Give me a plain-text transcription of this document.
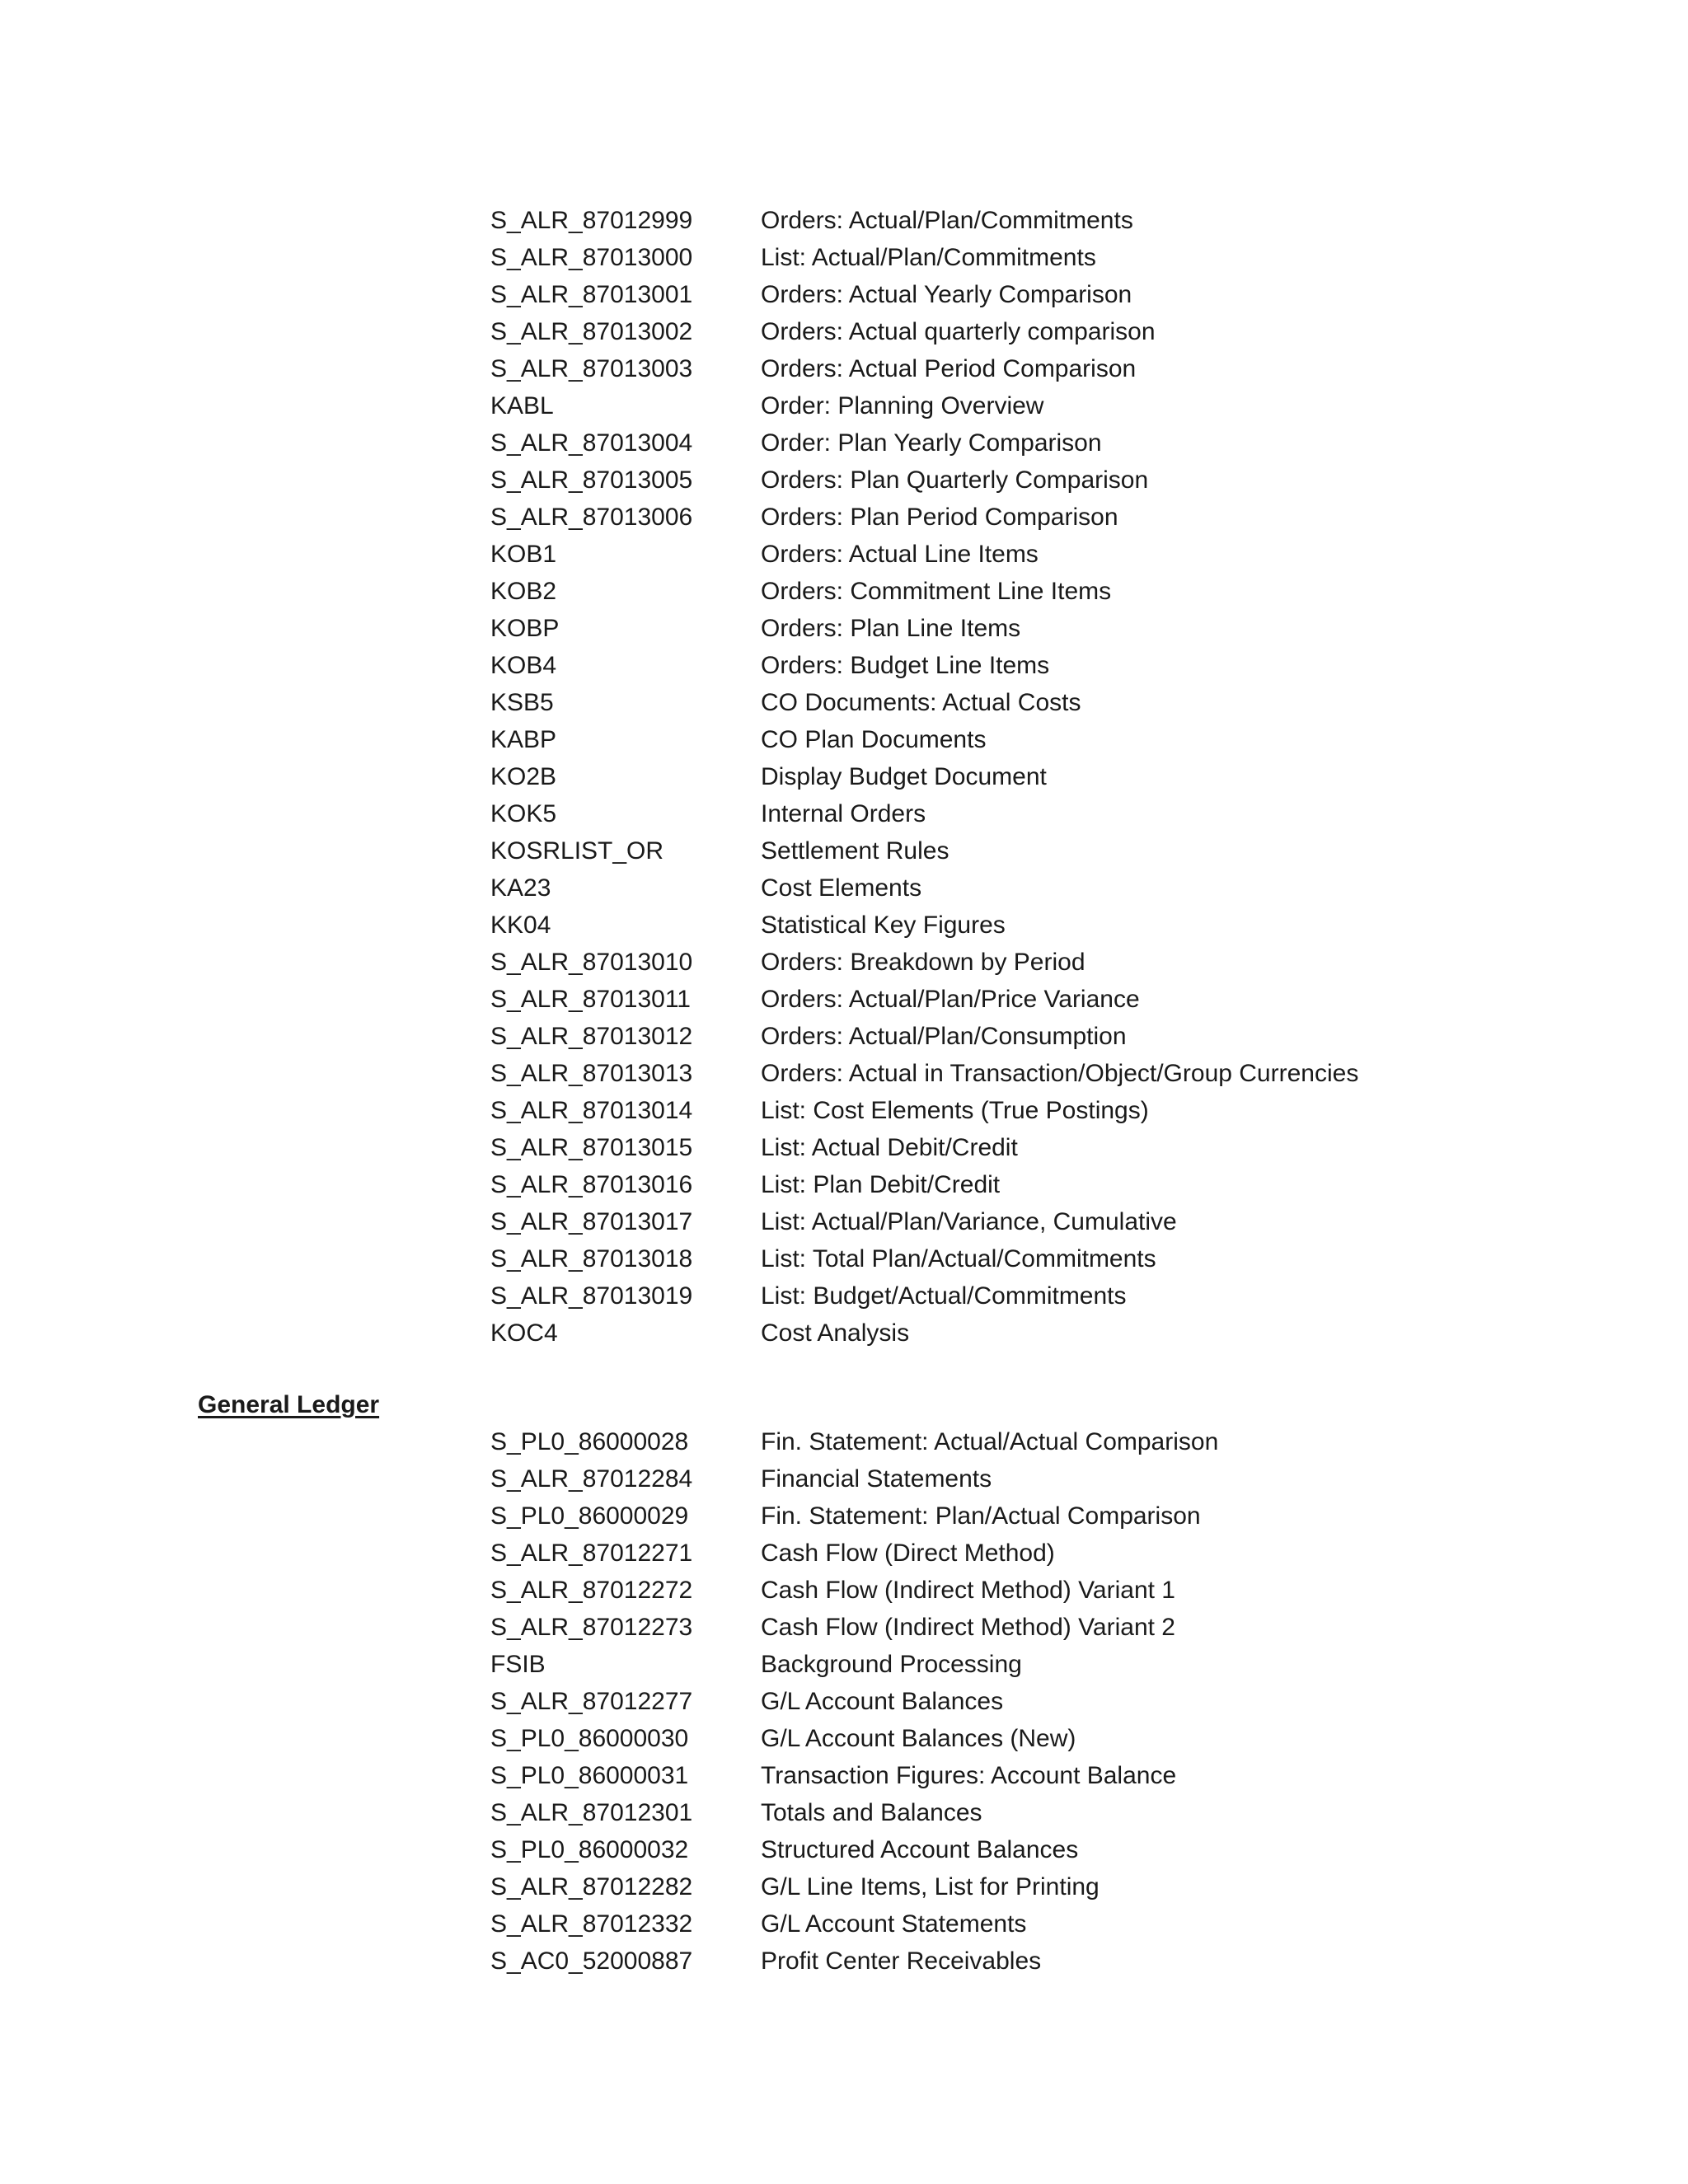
S_ALR_87012999	Orders: Actual/Plan/Commitments
S_ALR_87013000	List: Actual/Plan/Commitments
S_ALR_87013001	Orders: Actual Yearly Comparison
S_ALR_87013002	Orders: Actual quarterly comparison
S_ALR_87013003	Orders: Actual Period Comparison
KABL	Order: Planning Overview
S_ALR_87013004	Order: Plan Yearly Comparison
S_ALR_87013005	Orders: Plan Quarterly Comparison
S_ALR_87013006	Orders: Plan Period Comparison
KOB1	Orders: Actual Line Items
KOB2	Orders: Commitment Line Items
KOBP	Orders: Plan Line Items
KOB4	Orders: Budget Line Items
KSB5	CO Documents: Actual Costs
KABP	CO Plan Documents
KO2B	Display Budget Document
KOK5	Internal Orders
KOSRLIST_OR	Settlement Rules
KA23	Cost Elements
KK04	Statistical Key Figures
S_ALR_87013010	Orders: Breakdown by Period
S_ALR_87013011	Orders: Actual/Plan/Price Variance
S_ALR_87013012	Orders: Actual/Plan/Consumption
S_ALR_87013013	Orders: Actual in Transaction/Object/Group Currencies
S_ALR_87013014	List: Cost Elements (True Postings)
S_ALR_87013015	List: Actual Debit/Credit
S_ALR_87013016	List: Plan Debit/Credit
S_ALR_87013017	List: Actual/Plan/Variance, Cumulative
S_ALR_87013018	List: Total Plan/Actual/Commitments
S_ALR_87013019	List: Budget/Actual/Commitments
KOC4	Cost Analysis
General Ledger
S_PL0_86000028	Fin. Statement: Actual/Actual Comparison
S_ALR_87012284	Financial Statements
S_PL0_86000029	Fin. Statement: Plan/Actual Comparison
S_ALR_87012271	Cash Flow (Direct Method)
S_ALR_87012272	Cash Flow (Indirect Method) Variant 1
S_ALR_87012273	Cash Flow (Indirect Method) Variant 2
FSIB	Background Processing
S_ALR_87012277	G/L Account Balances
S_PL0_86000030	G/L Account Balances (New)
S_PL0_86000031	Transaction Figures: Account Balance
S_ALR_87012301	Totals and Balances
S_PL0_86000032	Structured Account Balances
S_ALR_87012282	G/L Line Items, List for Printing
S_ALR_87012332	G/L Account Statements
S_AC0_52000887	Profit Center Receivables
